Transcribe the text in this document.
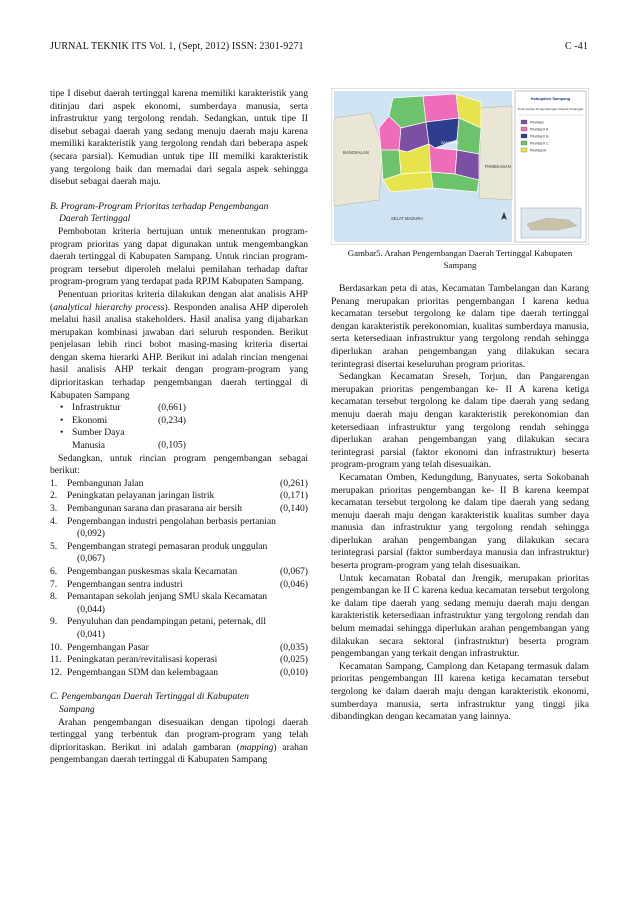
JURNAL TEKNIK ITS Vol. 1, (Sept, 2012) ISSN: 2301-9271	C -41

tipe I disebut daerah tertinggal karena memiliki karakteristik yang ditinjau dari aspek ekonomi, sumberdaya manusia, serta infrastruktur yang tergolong rendah. Sedangkan, untuk tipe II disebut sebagai daerah yang sedang menuju daerah maju karena memiliki karakteristik yang tergolong rendah dari beberapa aspek (secara parsial). Kemudian untuk tipe III memilki karakteristik yang tergolong baik dan memadai dari segala aspek sehingga disebut sebagai daerah maju.

B. Program-Program Prioritas terhadap Pengembangan
Daerah Tertinggal

Pembobotan kriteria bertujuan untuk menentukan program-program prioritas yang dapat digunakan untuk mengembangkan daerah tertinggal di Kabupaten Sampang. Untuk rincian program-program tersebut diperoleh melalui pemilahan terhadap daftar program-program yang terdapat pada RPJM Kabupaten Sampang.

Penentuan prioritas kriteria dilakukan dengan alat analisis AHP (analytical hierarchy process). Responden analisa AHP diperoleh melalui hasil analisa stakeholders. Hasil analisa yang dijabarkan merupakan kombinasi jawaban dari seluruh responden. Berikut penjelasan lebih rinci bobot masing-masing kriteria disertai dengan skema hierarki AHP. Berikut ini adalah rincian mengenai hasil analisis AHP terkait dengan program-program yang diprioritaskan terhadap pengembangan daerah tertinggal di Kabupaten Sampang

• Infrastruktur	(0,661)
• Ekonomi	(0,234)
• Sumber Daya Manusia	(0,105)

Sedangkan, untuk rincian program pengembangan sebagai berikut:

1. Pembangunan Jalan	(0,261)
2. Peningkatan pelayanan jaringan listrik	(0,171)
3. Pembangunan sarana dan prasarana air bersih	(0,140)
4. Pengembangan industri pengolahan berbasis pertanian
(0,092)
5. Pengembangan strategi pemasaran produk unggulan
(0,067)
6. Pengembangan puskesmas skala Kecamatan	(0,067)
7. Pengembangan sentra industri	(0,046)
8. Pemantapan sekolah jenjang SMU skala Kecamatan
(0,044)
9. Penyuluhan dan pendampingan petani, peternak, dll
(0,041)
10. Pengembangan Pasar	(0,035)
11. Peningkatan peran/revitalisasi koperasi	(0,025)
12. Pengembangan SDM dan kelembagaan	(0,010)
C. Pengembangan Daerah Tertinggal di Kabupaten
Sampang

Arahan pengembangan disesuaikan dengan tipologi daerah tertinggal yang terbentuk dan program-program yang telah diprioritaskan. Berikut ini adalah gambaran (mapping) arahan pengembangan daerah tertinggal di Kabupaten Sampang

BANGKALAN
PAMEKASAN
SELAT MADURA
SAMPANG
Kabupaten Sampang
Peta Arahan Pengembangan Daerah Tertinggal
Prioritas I
Prioritas II A
Prioritas II B
Prioritas II C
Prioritas III
Gambar5. Arahan Pengembangan Daerah Tertinggal Kabupaten Sampang

Berdasarkan peta di atas, Kecamatan Tambelangan dan Karang Penang merupakan prioritas pengembangan I karena kedua kecamatan tersebut tergolong ke dalam tipe daerah tertinggal dengan karakteristik perekonomian, kualitas sumberdaya manusia, serta ketersediaan infrastruktur yang tergolong rendah sehingga diperlukan arahan pengembangan yang dilakukan secara terintegrasi disertai keseluruhan program prioritas.

Sedangkan Kecamatan Sreseh, Torjun, dan Pangarengan merupakan prioritas pengembangan ke- II A karena ketiga kecamatan tersebut tergolong ke dalam tipe daerah yang sedang menuju daerah maju dengan karakteristik perekonomian dan ketersediaan infrastruktur yang tergolong rendah sehingga diperlukan arahan pengembangan yang dilakukan secara terintegrasi parsial (faktor ekonomi dan infrastruktur) beserta program-program yang telah disesuaikan.

Kecamatan Omben, Kedungdung, Banyuates, serta Sokobanah merupakan prioritas pengembangan ke- II B karena keempat kecamatan tersebut tergolong ke dalam tipe daerah yang sedang menuju daerah maju dengan karakteristik kualitas sumber daya manusia dan infrastruktur yang tergolong rendah sehingga diperlukan arahan pengembangan yang dilakukan secara terintegrasi parsial (faktor sumberdaya manusia dan infrastruktur) beserta program-program yang telah disesuaikan.

Untuk kecamatan Robatal dan Jrengik, merupakan prioritas pengembangan ke II C karena kedua kecamatan tersebut tergolong ke dalam tipe daerah yang sedang menuju daerah maju dengan karakteristik ketersediaan infrastruktur yang tergolong rendah dan belum memadai sehingga diperlukan arahan pengembangan yang dilakukan secara sektoral (infrastruktur) beserta program pengembangan yang terkait dengan infrastruktur.

Kecamatan Sampang, Camplong dan Ketapang termasuk dalam prioritas pengembangan III karena ketiga kecamatan tersebut tergolong ke dalam daerah maju dengan karakteristik ekonomi, sumberdaya manusia, serta infrastruktur yang tinggi jika dibandingkan dengan kecamatan yang lainnya.
